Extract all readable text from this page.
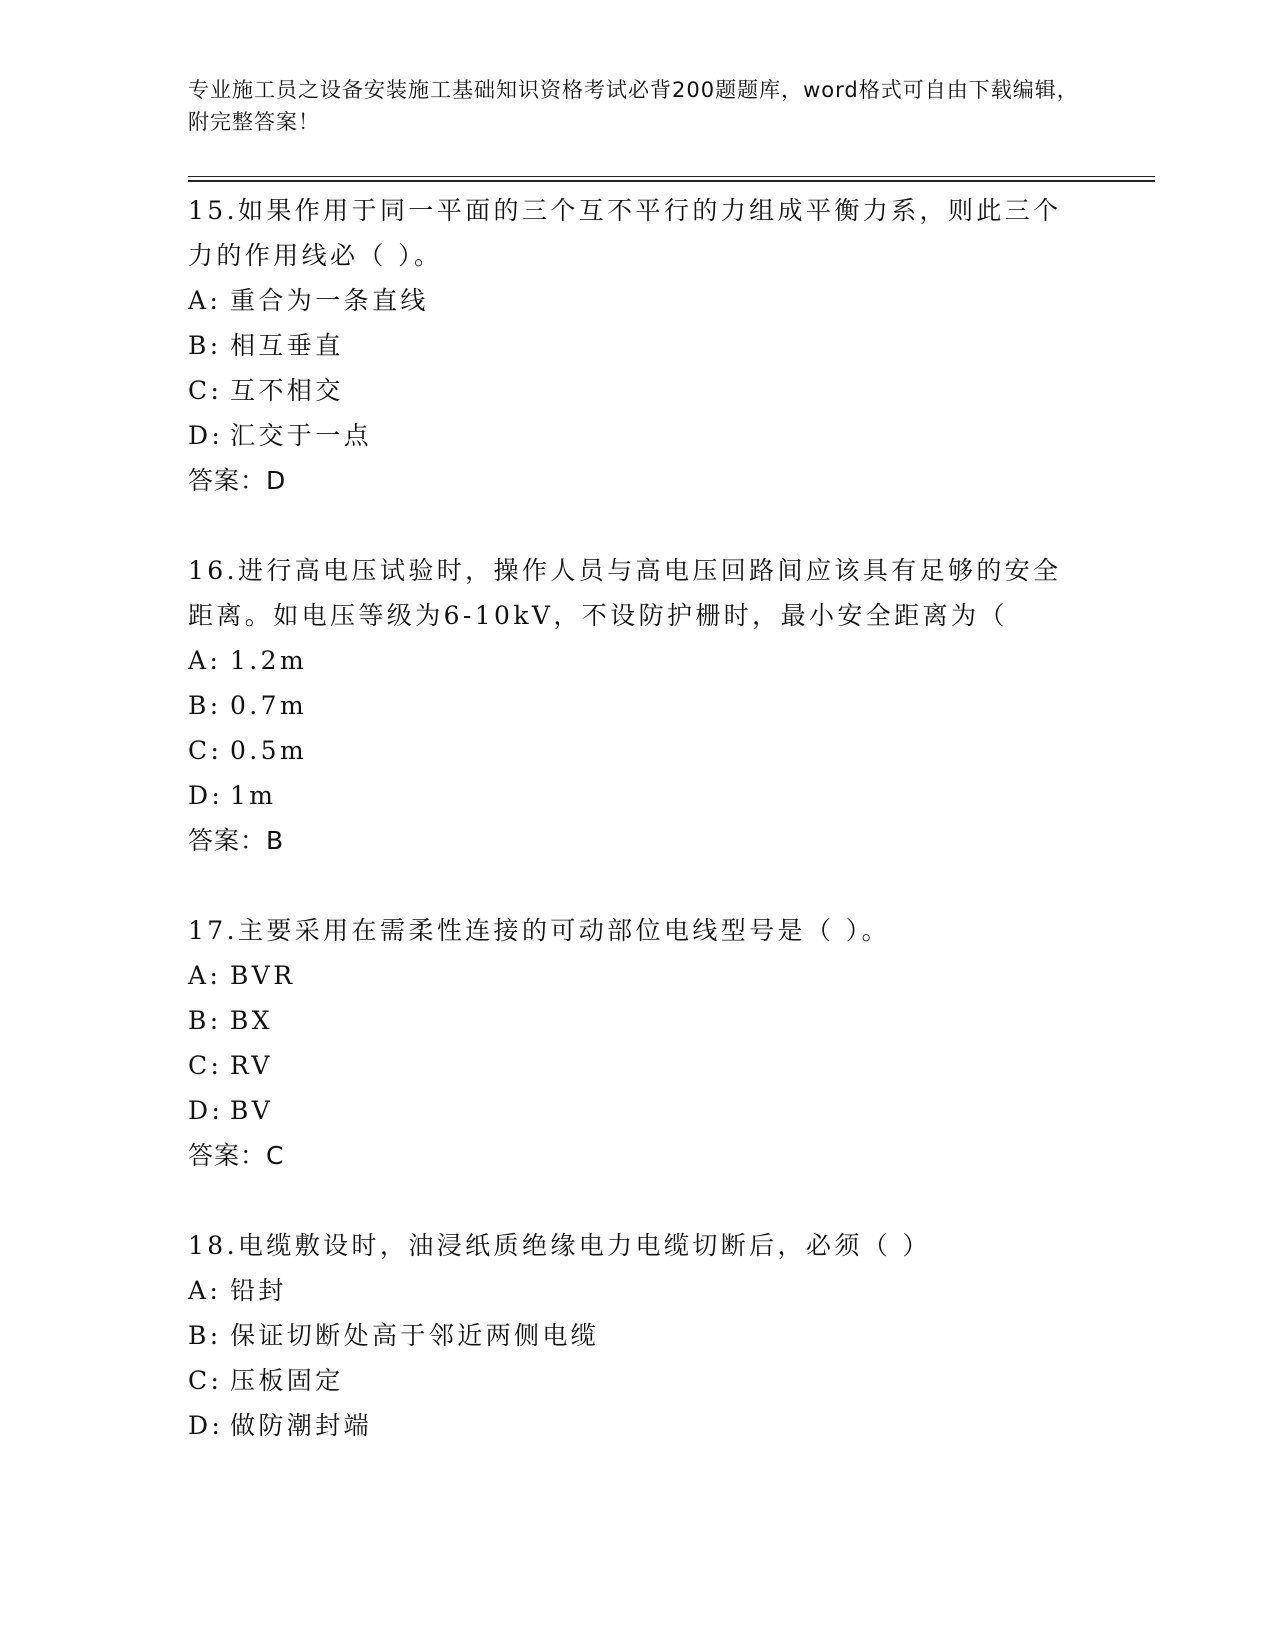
专业施工员之设备安装施工基础知识资格考试必背200题题库，word格式可自由下载编辑，附完整答案！
15.如果作用于同一平面的三个互不平行的力组成平衡力系，则此三个力的作用线必（ ）。
A: 重合为一条直线
B: 相互垂直
C: 互不相交
D: 汇交于一点
答案：D
16.进行高电压试验时，操作人员与高电压回路间应该具有足够的安全距离。如电压等级为6-10kV，不设防护栅时，最小安全距离为（
A: 1.2m
B: 0.7m
C: 0.5m
D: 1m
答案：B
17.主要采用在需柔性连接的可动部位电线型号是（ ）。
A: BVR
B: BX
C: RV
D: BV
答案：C
18.电缆敷设时，油浸纸质绝缘电力电缆切断后，必须（ ）
A: 铅封
B: 保证切断处高于邻近两侧电缆
C: 压板固定
D: 做防潮封端
